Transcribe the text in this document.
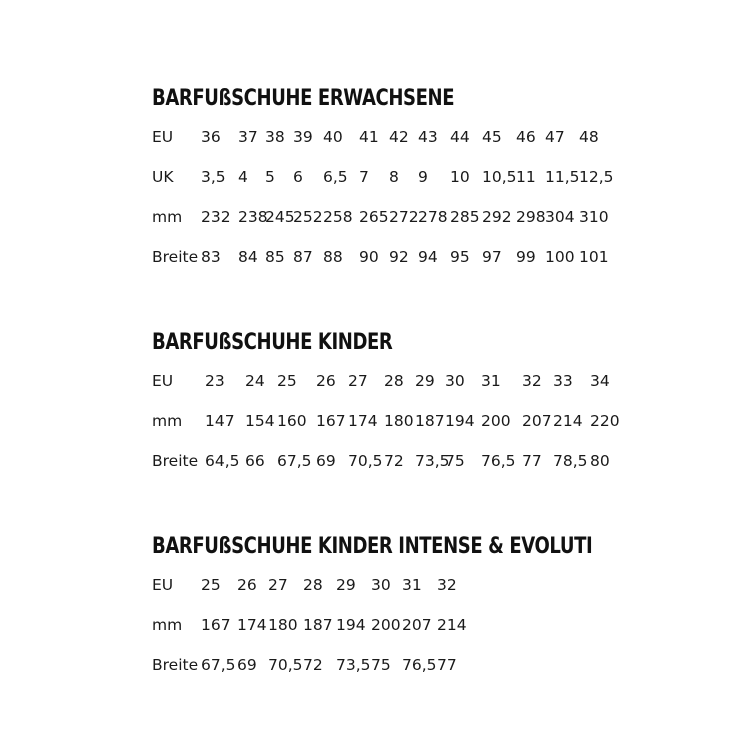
BARFUßSCHUHE ERWACHSENE
EU 36 37 38 39 40 41 42 43 44 45 46 47 48
UK 3,5 4 5 6 6,5 7 8 9 10 10,5 11 11,5 12,5
mm 232 238
245
252 258 265 272 278 285 292 298 304 310
Breite 83 84 85 87 88 90 92 94 95 97 99 100 101
BARFUßSCHUHE KINDER
EU 23 24 25 26 27 28 29 30 31 32 33 34
mm 147 154 160 167 174 180 187 194 200 207 214 220
Breite 64,5 66 67,5 69 70,5 72 73,5
75 76,5 77 78,5 80
BARFUßSCHUHE KINDER INTENSE & EVOLUTI
EU 25 26 27 28 29 30 31 32
mm 167 174 180 187 194 200 207 214
Breite 67,5 69 70,5 72 73,5 75 76,5 77
